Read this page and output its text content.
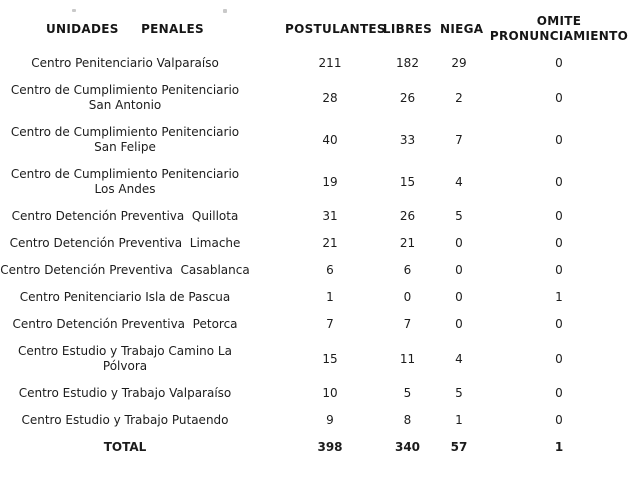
UNIDADES     PENALES	POSTULANTES	LIBRES	NIEGA	OMITE PRONUNCIAMIENTO
Centro Penitenciario Valparaíso	211	182	29	0
Centro de Cumplimiento Penitenciario San Antonio	28	26	2	0
Centro de Cumplimiento Penitenciario San Felipe	40	33	7	0
Centro de Cumplimiento Penitenciario Los Andes	19	15	4	0
Centro Detención Preventiva  Quillota	31	26	5	0
Centro Detención Preventiva  Limache	21	21	0	0
Centro Detención Preventiva  Casablanca	6	6	0	0
Centro Penitenciario Isla de Pascua	1	0	0	1
Centro Detención Preventiva  Petorca	7	7	0	0
Centro Estudio y Trabajo Camino La Pólvora	15	11	4	0
Centro Estudio y Trabajo Valparaíso	10	5	5	0
Centro Estudio y Trabajo Putaendo	9	8	1	0
TOTAL	398	340	57	1
